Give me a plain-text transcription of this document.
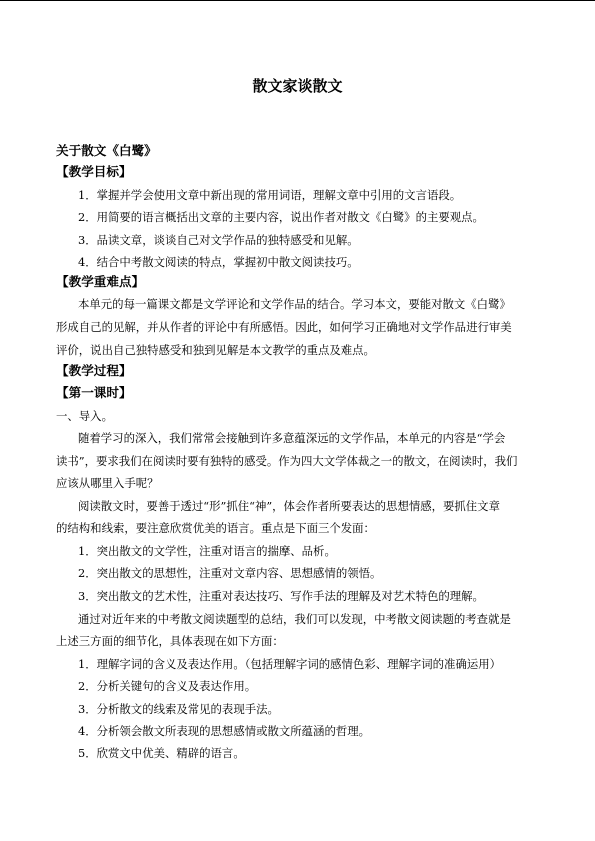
散文家谈散文
关于散文《白鹭》
【教学目标】
1．掌握并学会使用文章中新出现的常用词语，理解文章中引用的文言语段。
2．用简要的语言概括出文章的主要内容，说出作者对散文《白鹭》的主要观点。
3．品读文章，谈谈自己对文学作品的独特感受和见解。
4．结合中考散文阅读的特点，掌握初中散文阅读技巧。
【教学重难点】
本单元的每一篇课文都是文学评论和文学作品的结合。学习本文，要能对散文《白鹭》
形成自己的见解，并从作者的评论中有所感悟。因此，如何学习正确地对文学作品进行审美
评价，说出自己独特感受和独到见解是本文教学的重点及难点。
【教学过程】
【第一课时】
一、导入。
随着学习的深入，我们常常会接触到许多意蕴深远的文学作品，本单元的内容是“学会
读书”，要求我们在阅读时要有独特的感受。作为四大文学体裁之一的散文，在阅读时，我们
应该从哪里入手呢？
阅读散文时，要善于透过“形”抓住“神”，体会作者所要表达的思想情感，要抓住文章
的结构和线索，要注意欣赏优美的语言。重点是下面三个发面：
1．突出散文的文学性，注重对语言的揣摩、品析。
2．突出散文的思想性，注重对文章内容、思想感情的领悟。
3．突出散文的艺术性，注重对表达技巧、写作手法的理解及对艺术特色的理解。
通过对近年来的中考散文阅读题型的总结，我们可以发现，中考散文阅读题的考查就是
上述三方面的细节化，具体表现在如下方面：
1．理解字词的含义及表达作用。（包括理解字词的感情色彩、理解字词的准确运用）
2．分析关键句的含义及表达作用。
3．分析散文的线索及常见的表现手法。
4．分析领会散文所表现的思想感情或散文所蕴涵的哲理。
5．欣赏文中优美、精辟的语言。
